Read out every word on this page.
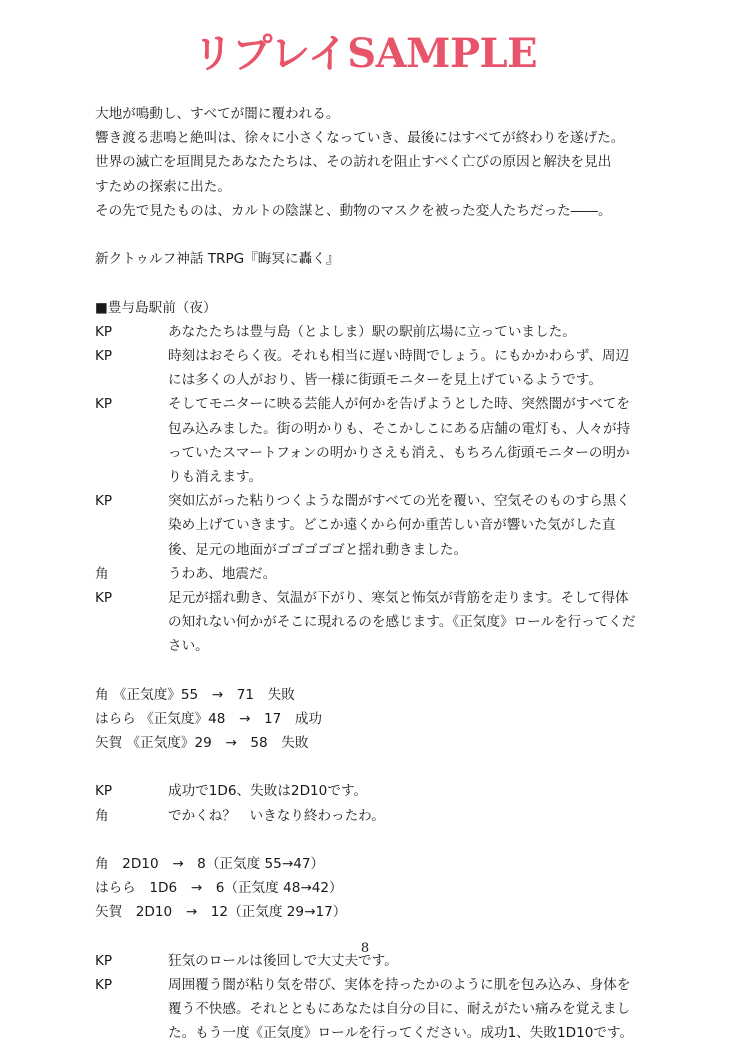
リプレイSAMPLE
大地が鳴動し、すべてが闇に覆われる。
響き渡る悲鳴と絶叫は、徐々に小さくなっていき、最後にはすべてが終わりを遂げた。
世界の滅亡を垣間見たあなたたちは、その訪れを阻止すべく亡びの原因と解決を見出
すための探索に出た。
その先で見たものは、カルトの陰謀と、動物のマスクを被った変人たちだった――。
新クトゥルフ神話 TRPG『晦冥に轟く』
■豊与島駅前（夜）
KP	あなたたちは豊与島（とよしま）駅の駅前広場に立っていました。
KP	時刻はおそらく夜。それも相当に遅い時間でしょう。にもかかわらず、周辺には多くの人がおり、皆一様に街頭モニターを見上げているようです。
KP	そしてモニターに映る芸能人が何かを告げようとした時、突然闇がすべてを包み込みました。街の明かりも、そこかしこにある店舗の電灯も、人々が持っていたスマートフォンの明かりさえも消え、もちろん街頭モニターの明かりも消えます。
KP	突如広がった粘りつくような闇がすべての光を覆い、空気そのものすら黒く染め上げていきます。どこか遠くから何か重苦しい音が響いた気がした直後、足元の地面がゴゴゴゴゴと揺れ動きました。
角	うわあ、地震だ。
KP	足元が揺れ動き、気温が下がり、寒気と怖気が背筋を走ります。そして得体の知れない何かがそこに現れるのを感じます。《正気度》ロールを行ってください。
角 《正気度》55　→　71　失敗
はらら 《正気度》48　→　17　成功
矢賀 《正気度》29　→　58　失敗
KP	成功で1D6、失敗は2D10です。
角	でかくね？　いきなり終わったわ。
角　2D10　→　8（正気度 55→47）
はらら　1D6　→　6（正気度 48→42）
矢賀　2D10　→　12（正気度 29→17）
KP	狂気のロールは後回しで大丈夫です。
KP	周囲覆う闇が粘り気を帯び、実体を持ったかのように肌を包み込み、身体を覆う不快感。それとともにあなたは自分の目に、耐えがたい痛みを覚えました。もう一度《正気度》ロールを行ってください。成功1、失敗1D10です。
8
